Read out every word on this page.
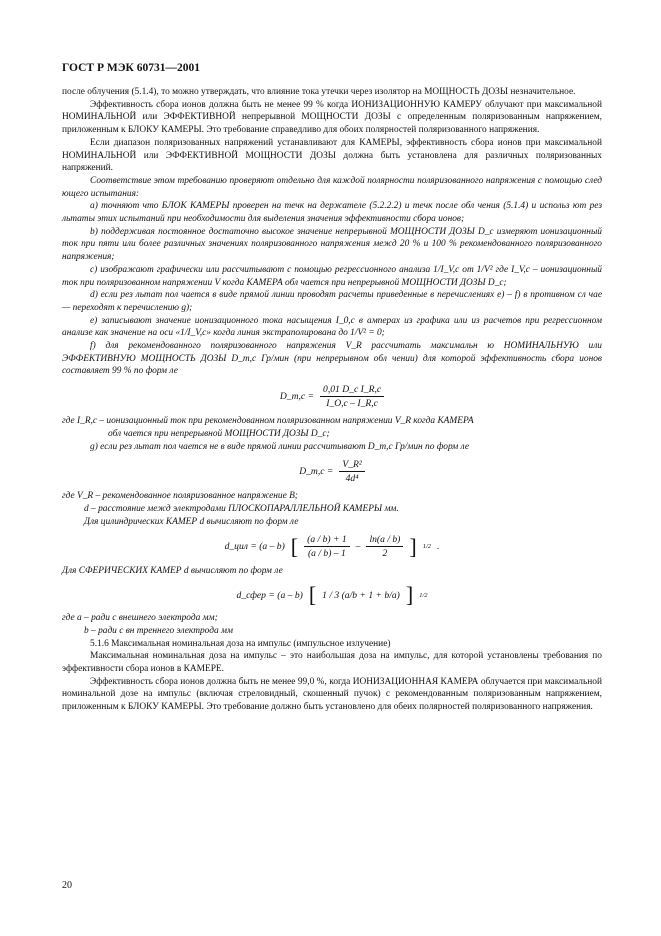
ГОСТ Р МЭК 60731—2001

после облучения (5.1.4), то можно утверждать, что влияние тока утечки через изолятор на МОЩНОСТЬ ДОЗЫ незначительное.

Эффективность сбора ионов должна быть не менее 99 % когда ИОНИЗАЦИОННУЮ КАМЕРУ облучают при максимальной НОМИНАЛЬНОЙ или ЭФФЕКТИВНОЙ непрерывной МОЩНОСТИ ДОЗЫ с определенным поляризованным напряжением, приложенным к БЛОКУ КАМЕРЫ. Это требование справедливо для обоих полярностей поляризованного напряжения.

Если диапазон поляризованных напряжений устанавливают для КАМЕРЫ, эффективность сбора ионов при максимальной НОМИНАЛЬНОЙ или ЭФФЕКТИВНОЙ МОЩНОСТИ ДОЗЫ должна быть установлена для различных поляризованных напряжений.

Соответствие этом требованию проверяют отдельно для каждой полярности поляризованного напряжения с помощью след ющего испытания:

а) точняют что БЛОК КАМЕРЫ проверен на течк на держателе (5.2.2.2) и течк после обл чения (5.1.4) и использ ют рез льтаты этих испытаний при необходимости для выделения значения эффективности сбора ионов;

b) поддерживая постоянное достаточно высокое значение непрерывной МОЩНОСТИ ДОЗЫ D_c измеряют ионизационный ток при пяти или более различных значениях поляризованного напряжения межд 20 % и 100 % рекомендованного поляризованного напряжения;

с) изображают графически или рассчитывают с помощью регрессионного анализа 1/I_V,c от 1/V² где I_V,c – ионизационный ток при поляризованном напряжении V когда КАМЕРА обл чается при непрерывной МОЩНОСТИ ДОЗЫ D_c;

d) если рез льтат пол чается в виде прямой линии проводят расчеты приведенные в перечислениях е) – f) в противном сл чае — переходят к перечислению g);

е) записывают значение ионизационного тока насыщения I_0,c в амперах из графика или из расчетов при регрессионном анализе как значение на оси «1/I_V,c» когда линия экстраполирована до 1/V² = 0;

f) для рекомендованного поляризованного напряжения V_R рассчитать максимальн ю НОМИНАЛЬНУЮ или ЭФФЕКТИВНУЮ МОЩНОСТЬ ДОЗЫ D_m,c Гр/мин (при непрерывном обл чении) для которой эффективность сбора ионов составляет 99 % по форм ле

D_m,c = $\frac{\text{0,01 D\_c I\_R,c}}{I\_O,c - I\_R,c}$

где I_R,c – ионизационный ток при рекомендованном поляризованном напряжении V_R когда КАМЕРА

обл чается при непрерывной МОЩНОСТИ ДОЗЫ D_c;

g) если рез льтат пол чается не в виде прямой линии рассчитывают D_m,c Гр/мин по форм ле

D_m,c = $\frac{\text{V\_R²}}{\text{4d⁴}}$

где V_R – рекомендованное поляризованное напряжение В;

d – расстояние межд электродами ПЛОСКОПАРАЛЛЕЛЬНОЙ КАМЕРЫ мм.

Для цилиндрических КАМЕР d вычисляют по форм ле

d_цил = (a – b) [ $\frac{(a / b) + 1}{(a / b) - 1} - \frac{\ln(a / b)}{2}$ ] 1/2 .

Для СФЕРИЧЕСКИХ КАМЕР d вычисляют по форм ле

d_сфер = (a – b) [ 1 / 3 (a/b + 1 + b/a) ] 1/2

где а – ради с внешнего электрода мм;

b – ради с вн треннего электрода мм

5.1.6 Максимальная номинальная доза на импульс (импульсное излучение)

Максимальная номинальная доза на импульс – это наибольшая доза на импульс, для которой установлены требования по эффективности сбора ионов в КАМЕРЕ.

Эффективность сбора ионов должна быть не менее 99,0 %, когда ИОНИЗАЦИОННАЯ КАМЕРА облучается при максимальной номинальной дозе на импульс (включая стреловидный, скошенный пучок) с рекомендованным поляризованным напряжением, приложенным к БЛОКУ КАМЕРЫ. Это требование должно быть установлено для обеих полярностей поляризованного напряжения.

20
